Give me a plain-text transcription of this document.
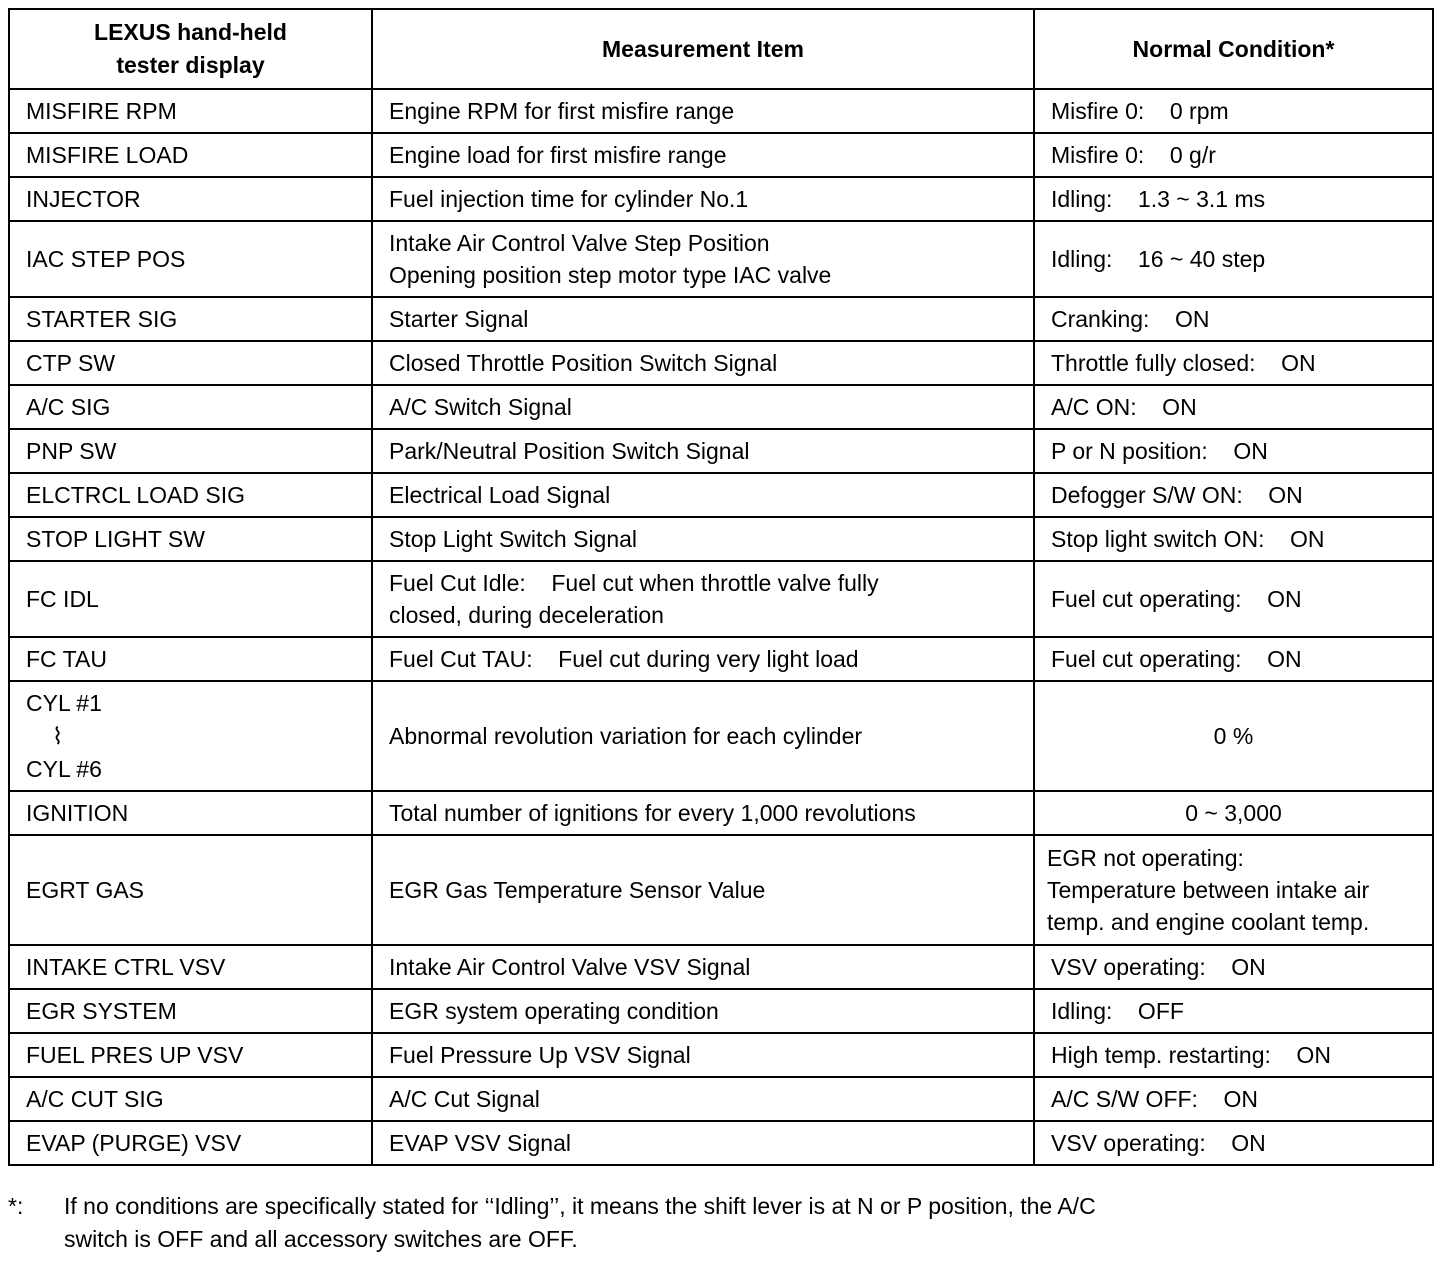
LEXUS hand-held
tester display	Measurement Item	Normal Condition*
MISFIRE RPM	Engine RPM for first misfire range	Misfire 0:    0 rpm

MISFIRE LOAD	Engine load for first misfire range	Misfire 0:    0 g/r

INJECTOR	Fuel injection time for cylinder No.1	Idling:    1.3 ~ 3.1 ms

IAC STEP POS	Intake Air Control Valve Step Position
Opening position step motor type IAC valve	Idling:    16 ~ 40 step

STARTER SIG	Starter Signal	Cranking:    ON

CTP SW	Closed Throttle Position Switch Signal	Throttle fully closed:    ON

A/C SIG	A/C Switch Signal	A/C ON:    ON

PNP SW	Park/Neutral Position Switch Signal	P or N position:    ON

ELCTRCL LOAD SIG	Electrical Load Signal	Defogger S/W ON:    ON

STOP LIGHT SW	Stop Light Switch Signal	Stop light switch ON:    ON

FC IDL	Fuel Cut Idle:    Fuel cut when throttle valve fully
closed, during deceleration	Fuel cut operating:    ON

FC TAU	Fuel Cut TAU:    Fuel cut during very light load	Fuel cut operating:    ON

CYL #1
⌇
CYL #6	Abnormal revolution variation for each cylinder	0 %

IGNITION	Total number of ignitions for every 1,000 revolutions	0 ~ 3,000

EGRT GAS	EGR Gas Temperature Sensor Value	EGR not operating:
Temperature between intake air
temp. and engine coolant temp.

INTAKE CTRL VSV	Intake Air Control Valve VSV Signal	VSV operating:    ON

EGR SYSTEM	EGR system operating condition	Idling:    OFF

FUEL PRES UP VSV	Fuel Pressure Up VSV Signal	High temp. restarting:    ON

A/C CUT SIG	A/C Cut Signal	A/C S/W OFF:    ON

EVAP (PURGE) VSV	EVAP VSV Signal	VSV operating:    ON
*:	If no conditions are specifically stated for ‘‘Idling’’, it means the shift lever is at N or P position, the A/C
switch is OFF and all accessory switches are OFF.
